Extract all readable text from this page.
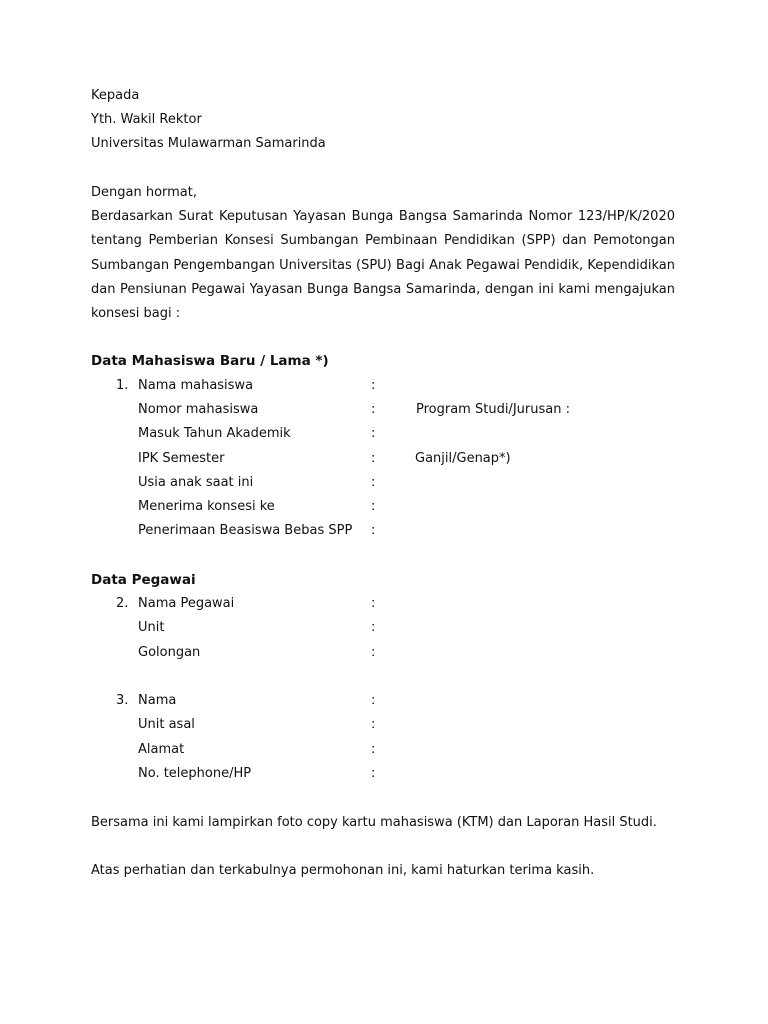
Kepada
Yth. Wakil Rektor
Universitas Mulawarman Samarinda
Dengan hormat,
Berdasarkan Surat Keputusan Yayasan Bunga Bangsa Samarinda Nomor 123/HP/K/2020 tentang Pemberian Konsesi Sumbangan Pembinaan Pendidikan (SPP) dan Pemotongan Sumbangan Pengembangan Universitas (SPU) Bagi Anak Pegawai Pendidik, Kependidikan dan Pensiunan Pegawai Yayasan Bunga Bangsa Samarinda, dengan ini kami mengajukan konsesi bagi :
Data Mahasiswa Baru / Lama *)
1. Nama mahasiswa	:
Nomor mahasiswa	:	Program Studi/Jurusan :
Masuk Tahun Akademik	:
IPK Semester	:	Ganjil/Genap*)
Usia anak saat ini	:
Menerima konsesi ke	:
Penerimaan Beasiswa Bebas SPP :
Data Pegawai
2. Nama Pegawai	:
Unit	:
Golongan	:
3. Nama	:
Unit asal	:
Alamat	:
No. telephone/HP	:
Bersama ini kami lampirkan foto copy kartu mahasiswa (KTM) dan Laporan Hasil Studi.
Atas perhatian dan terkabulnya permohonan ini, kami haturkan terima kasih.
